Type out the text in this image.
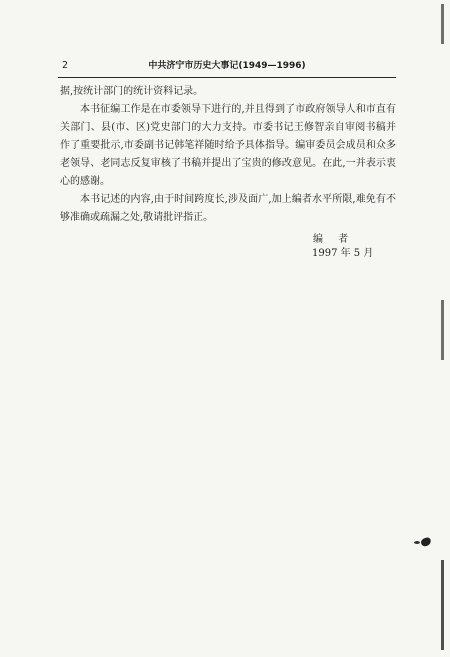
2	中共济宁市历史大事记(1949—1996)

据,按统计部门的统计资料记录。

本书征编工作是在市委领导下进行的,并且得到了市政府领导人和市直有关部门、县(市、区)党史部门的大力支持。市委书记王修智亲自审阅书稿并作了重要批示,市委副书记韩笔祥随时给予具体指导。编审委员会成员和众多老领导、老同志反复审核了书稿并提出了宝贵的修改意见。在此,一并表示衷心的感谢。

本书记述的内容,由于时间跨度长,涉及面广,加上编者水平所限,难免有不够准确或疏漏之处,敬请批评指正。

编 者
1997 年 5 月
